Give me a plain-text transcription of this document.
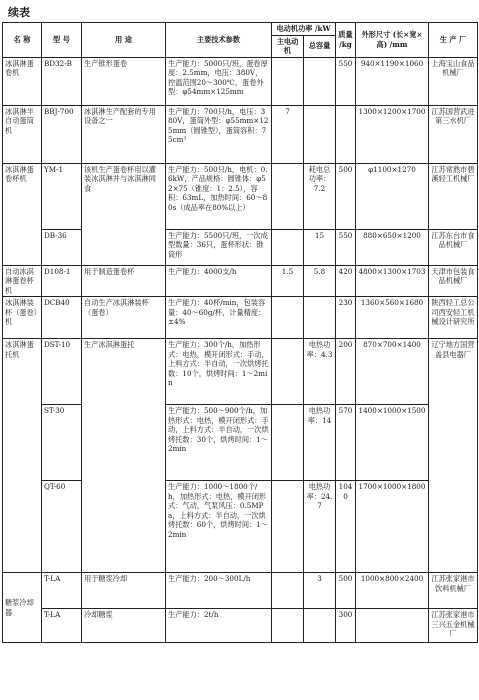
续表
名 称	型 号	用 途	主要技术参数	电动机功率 /kW		质量 /kg	外形尺寸 (长×宽×高) /mm	生 产 厂
				主电动机	总容量			
冰淇淋蛋卷机	BD32-B	生产锥形蛋卷	生产能力：5000只/班，蛋卷厚度：2.5mm，电压：380V，控温范围20～300℃，蛋卷外型：φ54mm×125mm			550	940×1190×1060	上海宝山食品机械厂
冰淇淋半自动蛋筒机	BBJ-700	冰淇淋生产配套的专用设备之一	生产能力：700只/h，电压：380V，蛋筒外型：φ55mm×125mm（圆锥型），蛋筒容积：75cm³	7			1300×1200×1700	江苏国营武进第三水机厂
冰淇淋蛋卷杯机	YM-1	该机生产蛋卷杯用以灌装冰淇淋并与冰淇淋同食	生产能力：500只/h，电机：0.6kW，产品规格：圆锥体：φ52×75（锥度：1：2.5），容积：63mL，加热时间：60～80s（成品率在80%以上）		耗电总功率：7.2	500	φ1100×1270	江苏常熟市碧溪轻工机械厂
	DB-36		生产能力：5500只/班，一次成型数量：36只，蛋杯形状：锥筒形		15	550	880×650×1200	江苏东台市食品机械厂
自动冰淇淋蛋卷杯机	D108-1	用于制造蛋卷杯	生产能力：4000支/h	1.5	5.8	420	4800×1300×1703	天津市包装食品机械厂
冰淇淋装杯（蛋卷）机	DCB40	自动生产冰淇淋装杯（蛋卷）	生产能力：40杯/min，包装容量：40～60g/杯，计量精度：±4%			230	1360×560×1680	陕西轻工总公司西安轻工机械设计研究所
冰淇淋蛋托机	DST-10	生产冰淇淋蛋托	生产能力：300个/h，加热形式：电热，模开闭形式：手动，上料方式：半自动，一次烘烤托数：10个，烘烤时间：1～2min		电热功率：4.3	200	870×700×1400	辽宁地方国营盖县电器厂
	ST-30		生产能力：500～900个/h，加热形式：电热，模开闭形式：手动，上料方式：半自动，一次烘烤托数：30个，烘烤时间：1～2min		电热功率：14	570	1400×1000×1500	
	QT-60		生产能力：1000～1800个/h，加热形式：电热，模开闭形式：气动，气泵风压：0.5MPa，上料方式：半自动，一次烘烤托数：60个，烘烤时间：1～2min		电热功率：24.7	1040	1700×1000×1800	
糖浆冷却器	T-LA	用于糖浆冷却	生产能力：200～300L/h		3	500	1000×800×2400	江苏张家港市饮料机械厂
	T-LA	冷却糖浆	生产能力：2t/h			300		江苏张家港市三兴五金机械厂
